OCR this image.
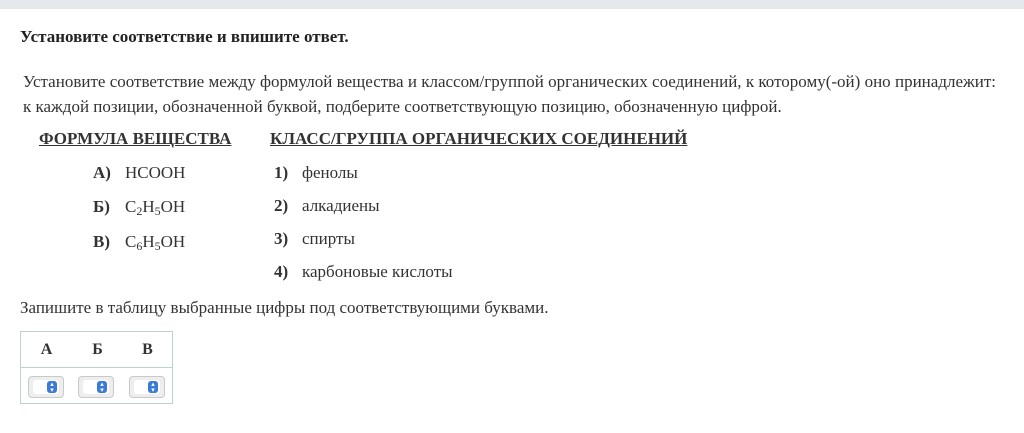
Установите соответствие и впишите ответ.
Установите соответствие между формулой вещества и классом/группой органических соединений, к которому(-ой) оно принадлежит: к каждой позиции, обозначенной буквой, подберите соответствующую позицию, обозначенную цифрой.
ФОРМУЛА ВЕЩЕСТВА КЛАСС/ГРУППА ОРГАНИЧЕСКИХ СОЕДИНЕНИЙ
А) HCOOH
Б) $C_2H_5OH$
В) $C_6H_5OH$
1) фенолы
2) алкадиены
3) спирты
4) карбоновые кислоты
Запишите в таблицу выбранные цифры под соответствующими буквами.
А	Б	В
▴
▾
▴
▾
▴
▾
